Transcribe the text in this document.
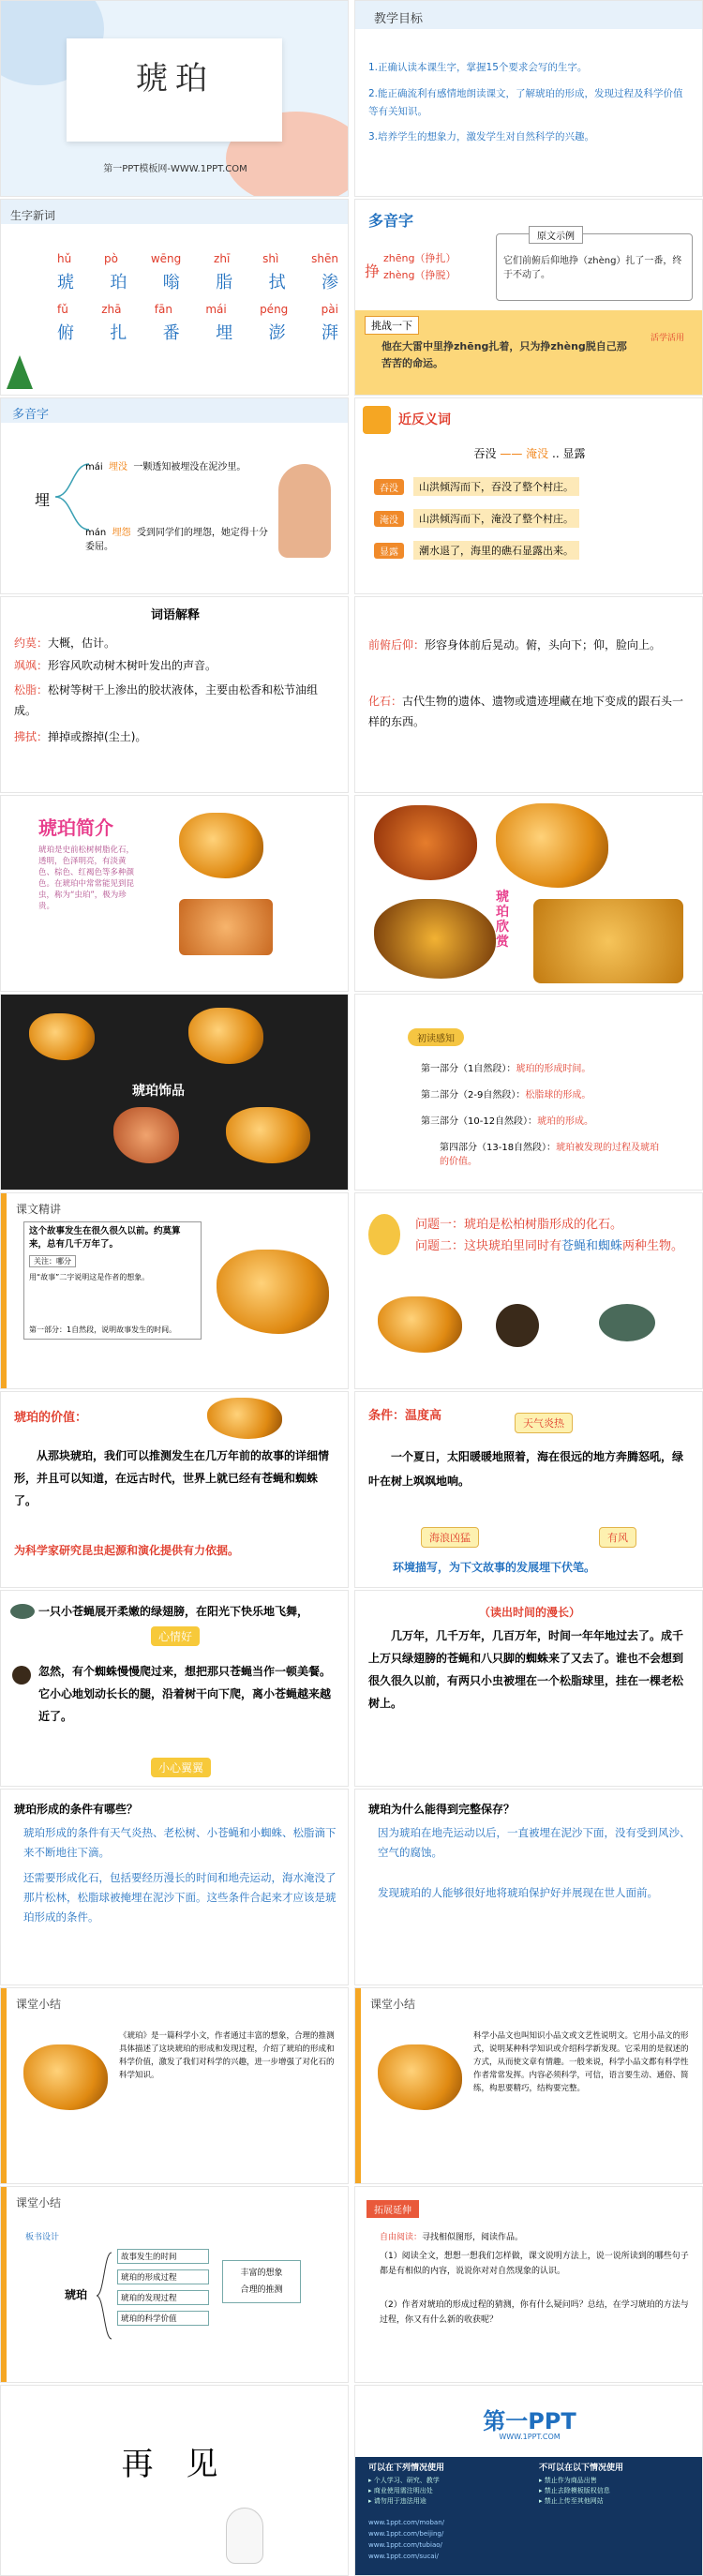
琥珀
第一PPT模板网-WWW.1PPT.COM
教学目标
1.正确认读本课生字，掌握15个要求会写的生字。
2.能正确流利有感情地朗读课文，了解琥珀的形成，发现过程及科学价值等有关知识。
3.培养学生的想象力，激发学生对自然科学的兴趣。
生字新词
hǔ	pò	wēng	zhī	shì	shēn
琥 珀 嗡 脂 拭 渗
fǔ	zhā	fān	mái	péng	pài
俯 扎 番 埋 澎 湃
多音字
挣
zhēng（挣扎）
zhèng（挣脱）
原文示例
它们前俯后仰地挣（zhèng）扎了一番，终于不动了。
挑战一下
他在大雷中里挣zhēng扎着，只为挣zhèng脱自己那苦苦的命运。
活学活用
多音字
埋
mái 埋没 一颗透知被埋没在泥沙里。
mán 埋怨 受到同学们的埋怨，她定得十分委屈。
近反义词
吞没 —— 淹没 .. 显露
吞没	山洪倾泻而下，吞没了整个村庄。
淹没	山洪倾泻而下，淹没了整个村庄。
显露	潮水退了，海里的礁石显露出来。
词语解释
约莫：大概，估计。
飒飒：形容风吹动树木树叶发出的声音。
松脂：松树等树干上渗出的胶状液体，主要由松香和松节油组成。
拂拭：掸掉或擦掉(尘土)。
前俯后仰：形容身体前后晃动。俯，头向下；仰，脸向上。
化石：古代生物的遗体、遗物或遗迹埋藏在地下变成的跟石头一样的东西。
琥珀简介
琥珀是史前松树树脂化石，透明，色泽明亮，有淡黄色、棕色、红褐色等多种颜色。在琥珀中常常能见到昆虫，称为“虫珀”，极为珍贵。
琥珀欣赏
琥珀饰品
初读感知
第一部分（1自然段）：琥珀的形成时间。
第二部分（2-9自然段）：松脂球的形成。
第三部分（10-12自然段）：琥珀的形成。
第四部分（13-18自然段）：琥珀被发现的过程及琥珀的价值。
课文精讲
这个故事发生在很久很久以前。约莫算来，总有几千万年了。
关注：哪分
用“故事”二字说明这是作者的想象。
第一部分：1自然段，说明故事发生的时间。
问题一：琥珀是松柏树脂形成的化石。
问题二：这块琥珀里同时有苍蝇和蜘蛛两种生物。
琥珀的价值：
从那块琥珀，我们可以推测发生在几万年前的故事的详细情形，并且可以知道，在远古时代，世界上就已经有苍蝇和蜘蛛了。
为科学家研究昆虫起源和演化提供有力依据。
条件：温度高
天气炎热
一个夏日，太阳暖暖地照着，海在很远的地方奔腾怒吼，绿叶在树上飒飒地响。
海浪凶猛	有风
环境描写，为下文故事的发展埋下伏笔。
一只小苍蝇展开柔嫩的绿翅膀，在阳光下快乐地飞舞，
心情好
忽然，有个蜘蛛慢慢爬过来，想把那只苍蝇当作一顿美餐。它小心地划动长长的腿，沿着树干向下爬，离小苍蝇越来越近了。
小心翼翼
（读出时间的漫长）
几万年，几千万年，几百万年，时间一年年地过去了。成千上万只绿翅膀的苍蝇和八只脚的蜘蛛来了又去了。谁也不会想到很久很久以前，有两只小虫被埋在一个松脂球里，挂在一棵老松树上。
琥珀形成的条件有哪些？
琥珀形成的条件有天气炎热、老松树、小苍蝇和小蜘蛛、松脂滴下来不断地往下滴。
还需要形成化石，包括要经历漫长的时间和地壳运动，海水淹没了那片松林，松脂球被掩埋在泥沙下面。这些条件合起来才应该是琥珀形成的条件。
琥珀为什么能得到完整保存？
因为琥珀在地壳运动以后，一直被埋在泥沙下面，没有受到风沙、空气的腐蚀。
发现琥珀的人能够很好地将琥珀保护好并展现在世人面前。
课堂小结
《琥珀》是一篇科学小文，作者通过丰富的想象，合理的推测具体描述了这块琥珀的形成和发现过程，介绍了琥珀的形成和科学价值，激发了我们对科学的兴趣，进一步增强了对化石的科学知识。
课堂小结
科学小品文也叫知识小品文或文艺性说明文。它用小品文的形式，说明某种科学知识或介绍科学新发现。它采用的是叙述的方式，从而使文章有情趣。一般来说，科学小品文都有科学性作者常常发挥。内容必须科学，可信，语言要生动、通俗、简练，构思要精巧，结构要完整。
课堂小结
板书设计
琥珀
故事发生的时间
琥珀的形成过程
琥珀的发现过程
琥珀的科学价值
丰富的想象
合理的推测
拓展延伸
自由阅读：寻找相似图形，阅读作品。
（1）阅读全文，想想一想我们怎样做，课文说明方法上，说一说所读到的哪些句子都是有相似的内容，说说你对对自然现象的认识。
（2）作者对琥珀的形成过程的猜测，你有什么疑问吗？总结，在学习琥珀的方法与过程，你又有什么新的收获呢？
再 见
第一PPT
WWW.1PPT.COM
可以在下列情况使用	不可以在以下情况使用
▸ 个人学习、研究、教学
▸ 商业使用需注明出处
▸ 请勿用于违法用途
▸ 禁止作为商品出售
▸ 禁止去除模板版权信息
▸ 禁止上传至其他网站
www.1ppt.com/moban/
www.1ppt.com/beijing/
www.1ppt.com/tubiao/
www.1ppt.com/sucai/
